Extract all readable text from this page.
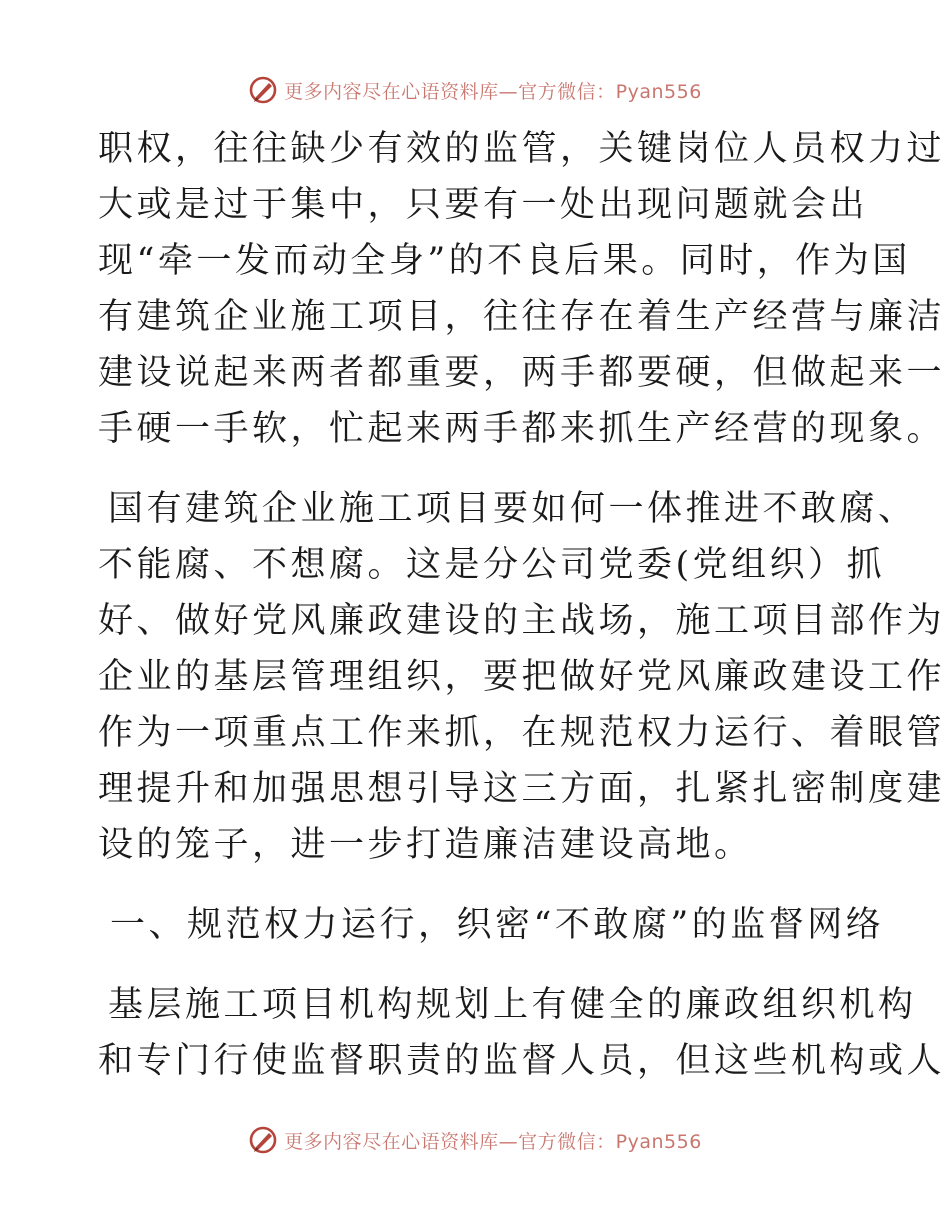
更多内容尽在心语资料库—官方微信：Pyan556
职权，往往缺少有效的监管，关键岗位人员权力过
大或是过于集中，只要有一处出现问题就会出
现“牵一发而动全身”的不良后果。同时，作为国
有建筑企业施工项目，往往存在着生产经营与廉洁
建设说起来两者都重要，两手都要硬，但做起来一
手硬一手软，忙起来两手都来抓生产经营的现象。
国有建筑企业施工项目要如何一体推进不敢腐、
不能腐、不想腐。这是分公司党委(党组织）抓
好、做好党风廉政建设的主战场，施工项目部作为
企业的基层管理组织，要把做好党风廉政建设工作
作为一项重点工作来抓，在规范权力运行、着眼管
理提升和加强思想引导这三方面，扎紧扎密制度建
设的笼子，进一步打造廉洁建设高地。
一、规范权力运行，织密“不敢腐”的监督网络
基层施工项目机构规划上有健全的廉政组织机构
和专门行使监督职责的监督人员，但这些机构或人
更多内容尽在心语资料库—官方微信：Pyan556
